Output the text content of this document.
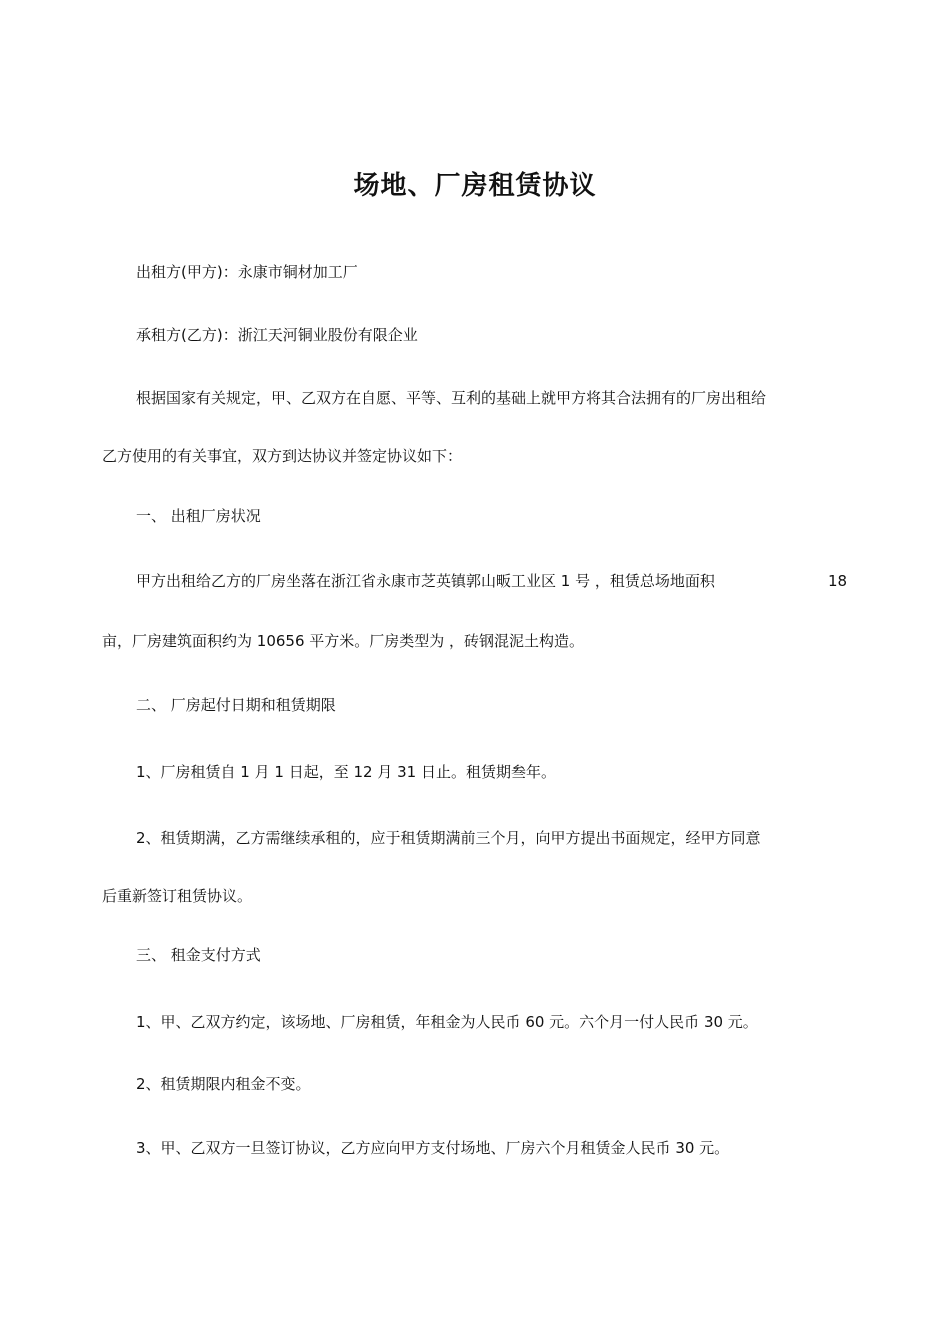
场地、厂房租赁协议
出租方(甲方)：永康市铜材加工厂
承租方(乙方)：浙江天河铜业股份有限企业
根据国家有关规定，甲、乙双方在自愿、平等、互利的基础上就甲方将其合法拥有的厂房出租给
乙方使用的有关事宜，双方到达协议并签定协议如下：
一、 出租厂房状况
甲方出租给乙方的厂房坐落在浙江省永康市芝英镇郭山畈工业区 1 号 ，租赁总场地面积	18
亩，厂房建筑面积约为 10656 平方米。厂房类型为 ，砖钢混泥土构造。
二、 厂房起付日期和租赁期限
1、厂房租赁自 1 月 1 日起，至 12 月 31 日止。租赁期叁年。
2、租赁期满，乙方需继续承租的，应于租赁期满前三个月，向甲方提出书面规定，经甲方同意
后重新签订租赁协议。
三、 租金支付方式
1、甲、乙双方约定，该场地、厂房租赁，年租金为人民币 60 元。六个月一付人民币 30 元。
2、租赁期限内租金不变。
3、甲、乙双方一旦签订协议，乙方应向甲方支付场地、厂房六个月租赁金人民币 30 元。
